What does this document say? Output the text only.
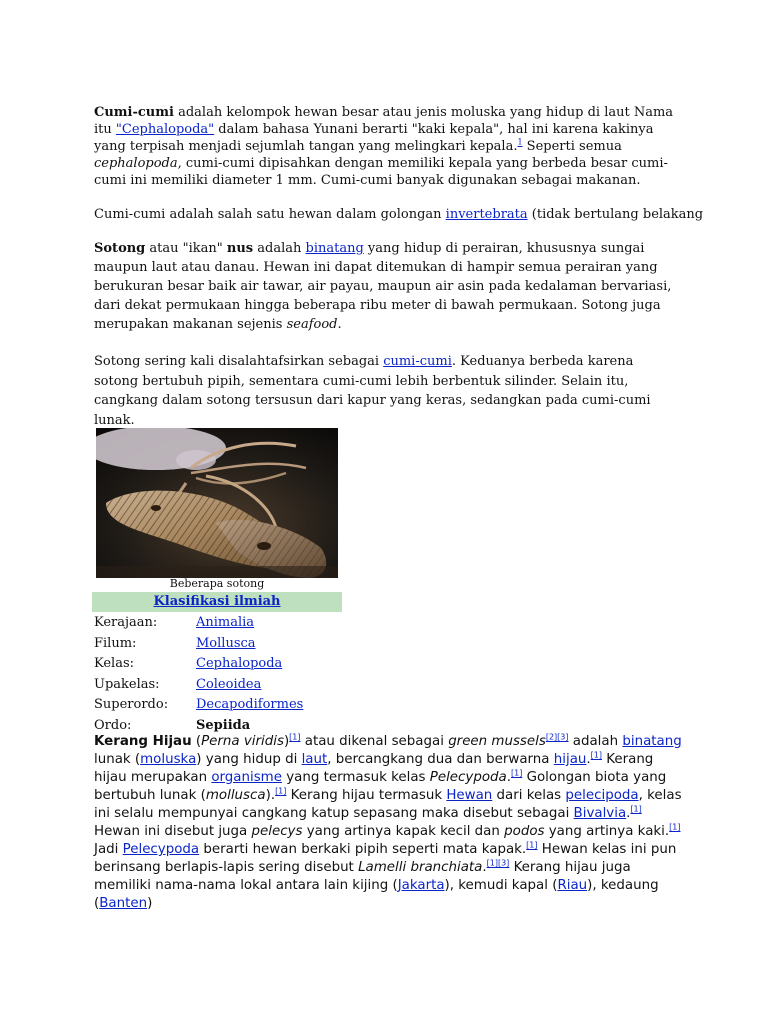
Cumi-cumi adalah kelompok hewan besar atau jenis moluska yang hidup di laut Nama itu "Cephalopoda" dalam bahasa Yunani berarti "kaki kepala", hal ini karena kakinya yang terpisah menjadi sejumlah tangan yang melingkari kepala.$^1$ Seperti semua cephalopoda, cumi-cumi dipisahkan dengan memiliki kepala yang berbeda besar cumi-cumi ini memiliki diameter 1 mm. Cumi-cumi banyak digunakan sebagai makanan.

Cumi-cumi adalah salah satu hewan dalam golongan invertebrata (tidak bertulang belakang

Sotong atau "ikan" nus adalah binatang yang hidup di perairan, khususnya sungai maupun laut atau danau. Hewan ini dapat ditemukan di hampir semua perairan yang berukuran besar baik air tawar, air payau, maupun air asin pada kedalaman bervariasi, dari dekat permukaan hingga beberapa ribu meter di bawah permukaan. Sotong juga merupakan makanan sejenis seafood.

Sotong sering kali disalahtafsirkan sebagai cumi-cumi. Keduanya berbeda karena sotong bertubuh pipih, sementara cumi-cumi lebih berbentuk silinder. Selain itu, cangkang dalam sotong tersusun dari kapur yang keras, sedangkan pada cumi-cumi lunak.

Beberapa sotong
Klasifikasi ilmiah
Kerajaan:	Animalia
Filum:	Mollusca
Kelas:	Cephalopoda
Upakelas:	Coleoidea
Superordo: Decapodiformes
Ordo:	Sepiida

Kerang Hijau (Perna viridis)[1] atau dikenal sebagai green mussels[2][3] adalah binatang lunak (moluska) yang hidup di laut, bercangkang dua dan berwarna hijau.[1] Kerang hijau merupakan organisme yang termasuk kelas Pelecypoda.[1] Golongan biota yang bertubuh lunak (mollusca).[1] Kerang hijau termasuk Hewan dari kelas pelecipoda, kelas ini selalu mempunyai cangkang katup sepasang maka disebut sebagai Bivalvia.[1] Hewan ini disebut juga pelecys yang artinya kapak kecil dan podos yang artinya kaki.[1] Jadi Pelecypoda berarti hewan berkaki pipih seperti mata kapak.[1] Hewan kelas ini pun berinsang berlapis-lapis sering disebut Lamelli branchiata.[1][3] Kerang hijau juga memiliki nama-nama lokal antara lain kijing (Jakarta), kemudi kapal (Riau), kedaung (Banten)
